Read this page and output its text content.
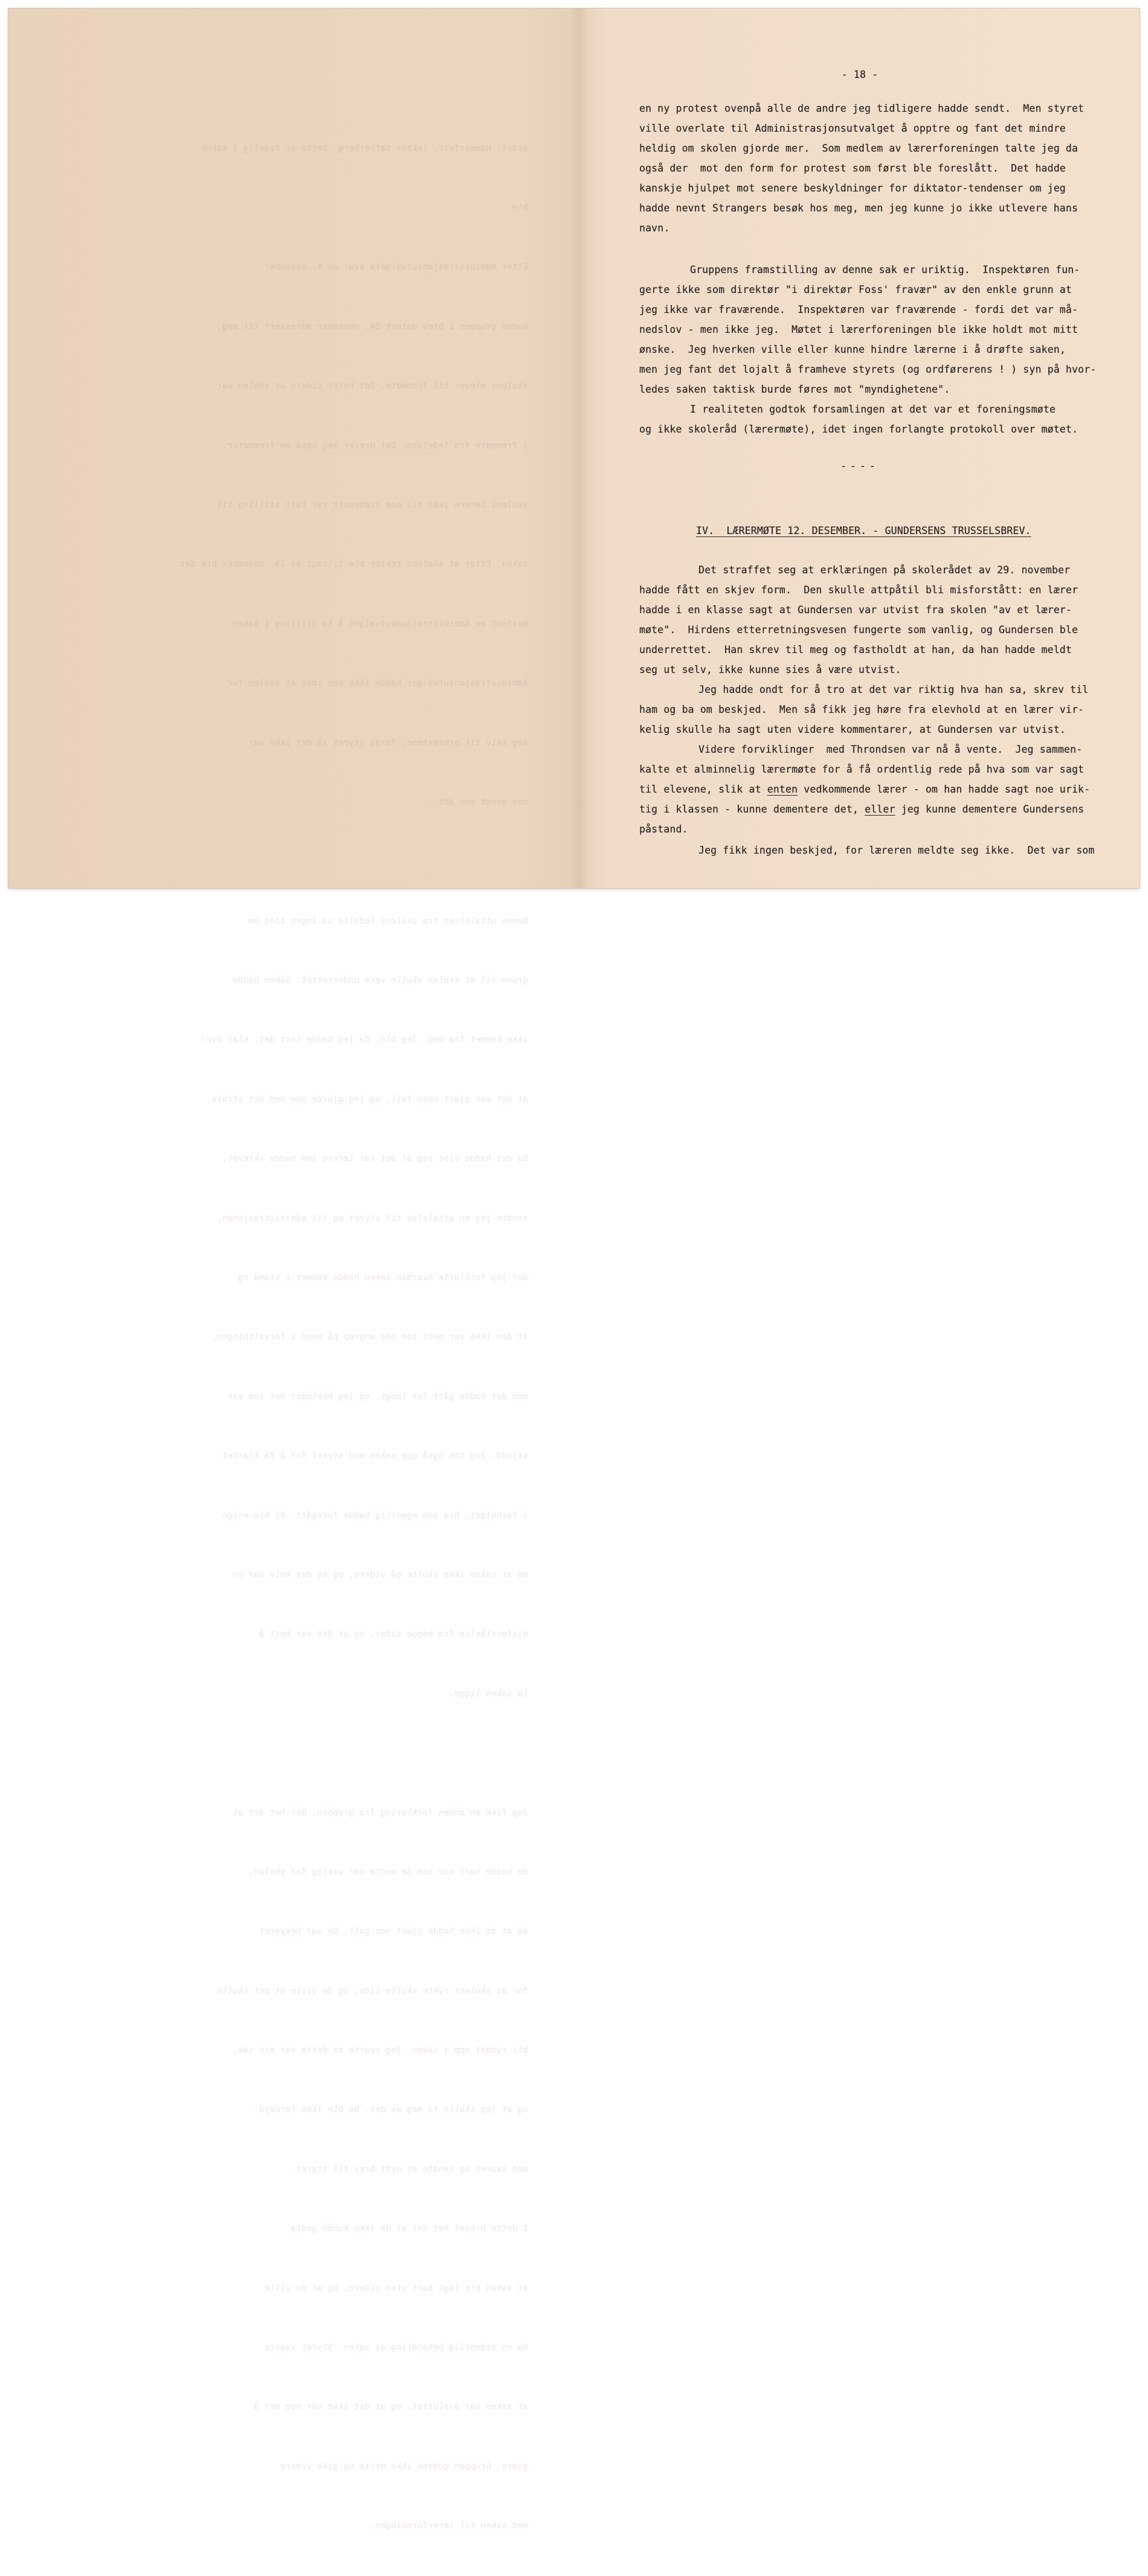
ordet. Hammerfest, lektor Sætherberg. Dette er tydelig i saken

ble.

Etter Administrasjonsutvalgets svar av 4. desember

hadde gruppen i brev datert 24. november adressert til meg,

skolens elever til fremmøte. Det heter videre at skolen var

i fremmøte fra ledelsen. Det dreier seg også om fremmøter.

skolens lærere ikke til noe tidspunkt var tatt stilling til

saken. Etter at skolens rektor ble tilsagt av 29. november ble det

bestemt av Administrasjonsutvalget å ta stilling i saken.

Administrasjonsutvalget hadde ikke noe imot at skolen for

seg selv til protestene, fordi styret så det ikke var

noe annet enn det.

Denne uttalelsen fra skolens ledelse sa ingen ting om

grunn til at skolen skulle være underrettet. Saken hadde

ikke kommet fra meg. Jeg ble, da jeg hadde lest det, klar over

at det var gjort noen feil, og jeg gjorde noe med det straks.

Da det hadde vist seg at det var lærere som hadde skrevet,

sendte jeg en uttalelse til styret og til administrasjonen,

der jeg forklarte hvordan saken hadde kommet i stand og

at den ikke var ment som noe angrep på noen i forvaltningen,

men det hadde gått for langt, og jeg beklaget det som var

skjedd. Jeg tok også opp saken med styret for å få klarhet

i forholdet, hva som egentlig hadde foregått. Vi ble enige

om at saken ikke skulle gå videre, og at det hele var en

misforståelse fra begge sider, og at det var best å

la saken ligge.

Jeg fikk en annen forklaring fra gruppen. Der het det at

de hadde hørt noe som de mente var viktig for skolen,

og at de ikke hadde gjort noe galt. De var bekymret

for at skolens rykte skulle lide, og de ville at det skulle

bli ryddet opp i saken. Jeg svarte at dette var min sak,

og at jeg skulle ta meg av det. De ble ikke fornøyd

med svaret og sendte et nytt brev til styret.

I dette brevet het det at de ikke kunne godta

at saken ble lagt bort uten videre, og at de ville

ha en ordentlig behandling av saken. Styret svarte

at saken var avsluttet, og at det ikke var noe mer å

gjøre. Gruppen godtok ikke dette og gikk videre

med saken til lærerforeningen.

- 18 -
en ny protest ovenpå alle de andre jeg tidligere hadde sendt.  Men styret
ville overlate til Administrasjonsutvalget å opptre og fant det mindre
heldig om skolen gjorde mer.  Som medlem av lærerforeningen talte jeg da
også der  mot den form for protest som først ble foreslått.  Det hadde
kanskje hjulpet mot senere beskyldninger for diktator-tendenser om jeg
hadde nevnt Strangers besøk hos meg, men jeg kunne jo ikke utlevere hans
navn.
Gruppens framstilling av denne sak er uriktig.  Inspektøren fun-
gerte ikke som direktør "i direktør Foss' fravær" av den enkle grunn at
jeg ikke var fraværende.  Inspektøren var fraværende - fordi det var må-
nedslov - men ikke jeg.  Møtet i lærerforeningen ble ikke holdt mot mitt
ønske.  Jeg hverken ville eller kunne hindre lærerne i å drøfte saken,
men jeg fant det lojalt å framheve styrets (og ordførerens ! ) syn på hvor-
ledes saken taktisk burde føres mot "myndighetene".
I realiteten godtok forsamlingen at det var et foreningsmøte
og ikke skoleråd (lærermøte), idet ingen forlangte protokoll over møtet.
----
IV.  LÆRERMØTE 12. DESEMBER. - GUNDERSENS TRUSSELSBREV.
Det straffet seg at erklæringen på skolerådet av 29. november
hadde fått en skjev form.  Den skulle attpåtil bli misforstått: en lærer
hadde i en klasse sagt at Gundersen var utvist fra skolen "av et lærer-
møte".  Hirdens etterretningsvesen fungerte som vanlig, og Gundersen ble
underrettet.  Han skrev til meg og fastholdt at han, da han hadde meldt
seg ut selv, ikke kunne sies å være utvist.
Jeg hadde ondt for å tro at det var riktig hva han sa, skrev til
ham og ba om beskjed.  Men så fikk jeg høre fra elevhold at en lærer vir-
kelig skulle ha sagt uten videre kommentarer, at Gundersen var utvist.
Videre forviklinger  med Throndsen var nå å vente.  Jeg sammen-
kalte et alminnelig lærermøte for å få ordentlig rede på hva som var sagt
til elevene, slik at enten vedkommende lærer - om han hadde sagt noe urik-
tig i klassen - kunne dementere det, eller jeg kunne dementere Gundersens
påstand.
Jeg fikk ingen beskjed, for læreren meldte seg ikke.  Det var som
